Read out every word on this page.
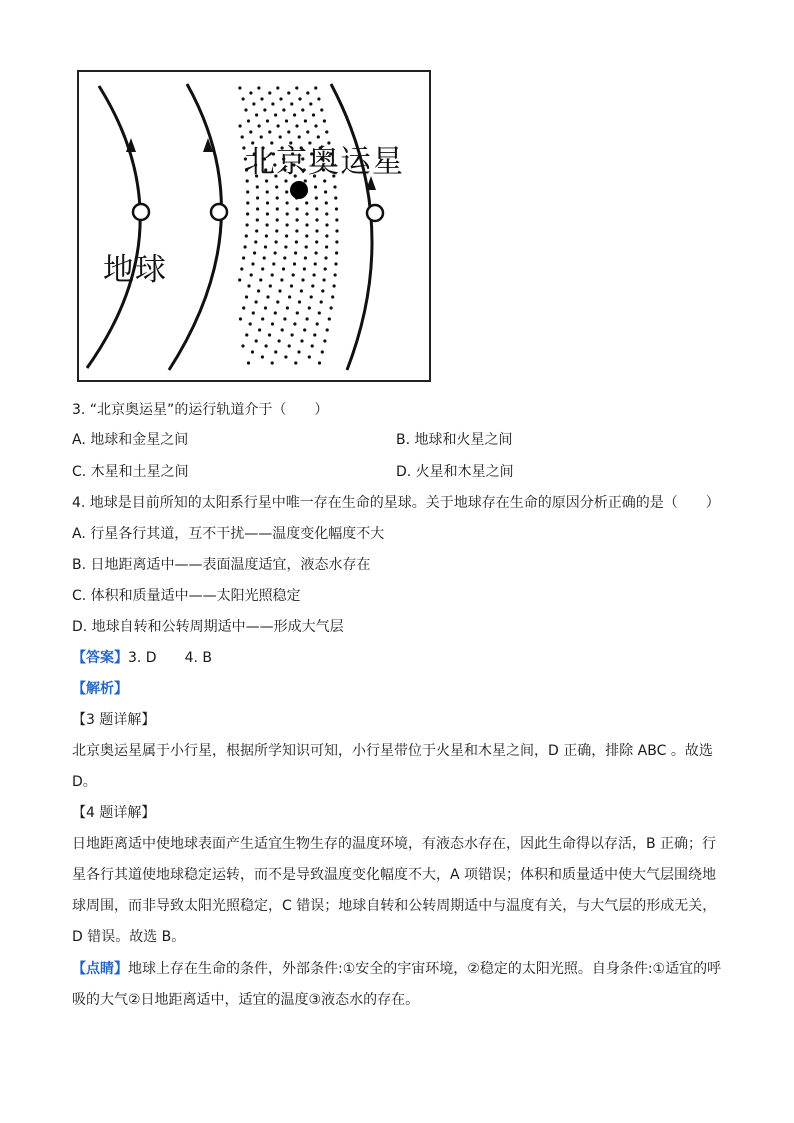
北京奥运星
地球
3. “北京奥运星”的运行轨道介于（　　）
A. 地球和金星之间	B. 地球和火星之间
C. 木星和土星之间	D. 火星和木星之间
4. 地球是目前所知的太阳系行星中唯一存在生命的星球。关于地球存在生命的原因分析正确的是（　　）
A. 行星各行其道，互不干扰——温度变化幅度不大
B. 日地距离适中——表面温度适宜，液态水存在
C. 体积和质量适中——太阳光照稳定
D. 地球自转和公转周期适中——形成大气层
【答案】3. D　　4. B
【解析】
【3 题详解】
北京奥运星属于小行星，根据所学知识可知，小行星带位于火星和木星之间，D 正确，排除 ABC 。故选 D。
【4 题详解】
日地距离适中使地球表面产生适宜生物生存的温度环境，有液态水存在，因此生命得以存活，B 正确；行星各行其道使地球稳定运转，而不是导致温度变化幅度不大，A 项错误；体积和质量适中使大气层围绕地球周围，而非导致太阳光照稳定，C 错误；地球自转和公转周期适中与温度有关，与大气层的形成无关，D 错误。故选 B。
【点睛】地球上存在生命的条件，外部条件:①安全的宇宙环境，②稳定的太阳光照。自身条件:①适宜的呼吸的大气②日地距离适中，适宜的温度③液态水的存在。
